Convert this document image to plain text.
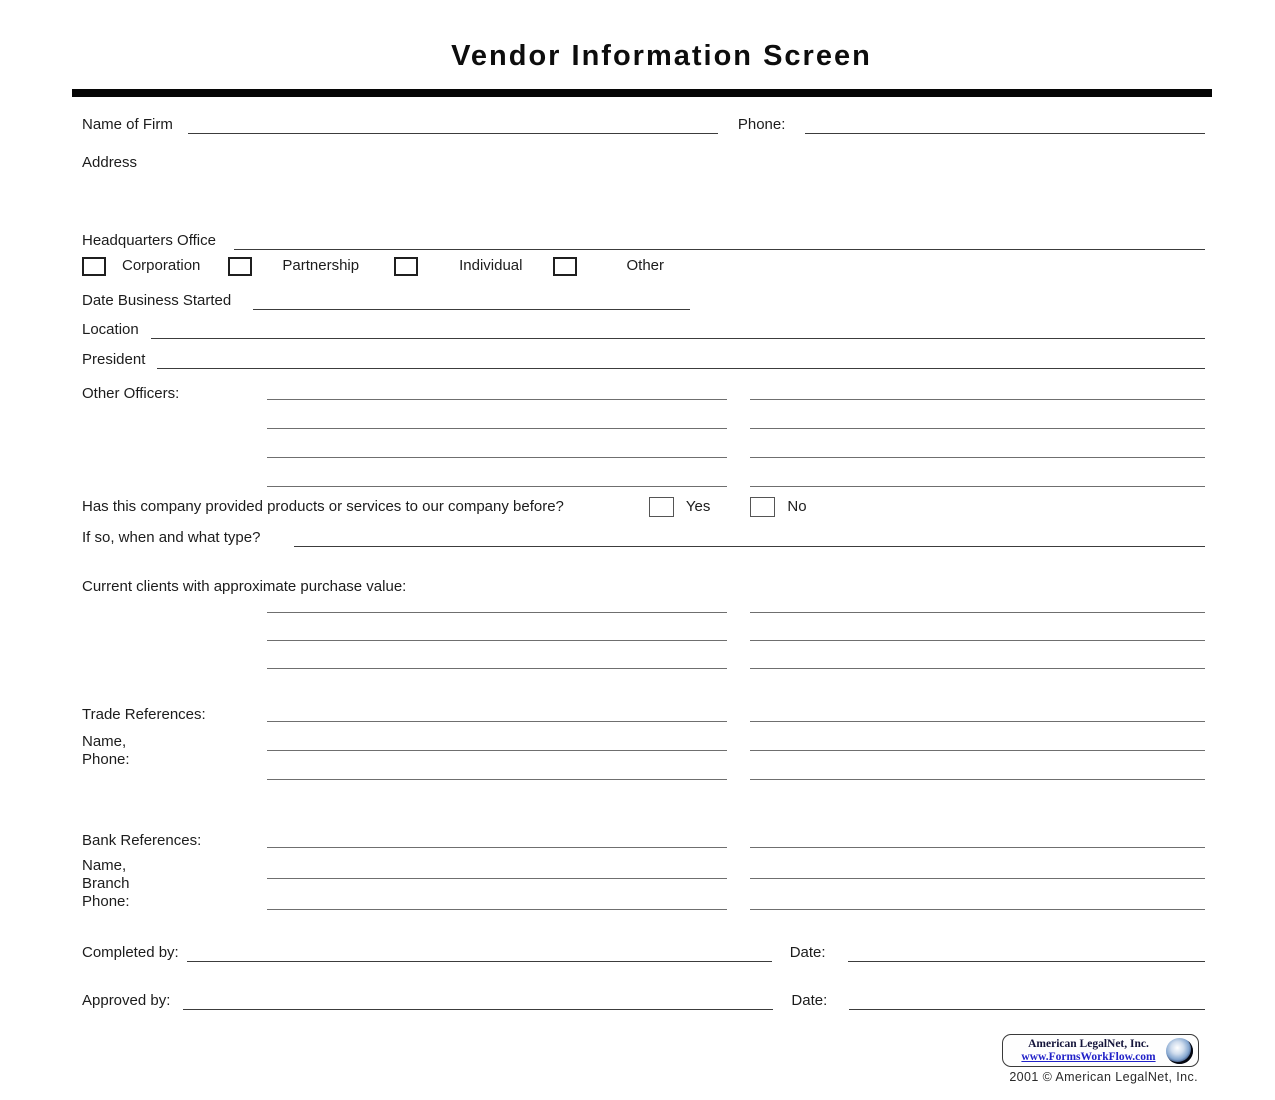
Vendor Information Screen
Name of Firm	Phone:
Address
Headquarters Office
Corporation	Partnership	Individual	Other
Date Business Started
Location
President
Other Officers:
Has this company provided products or services to our company before?	Yes	No
If so, when and what type?
Current clients with approximate purchase value:
Trade References:
Name,
Phone:
Bank References:
Name,
Branch
Phone:
Completed by:	Date:
Approved by:	Date:
American LegalNet, Inc.
www.FormsWorkFlow.com
2001 © American LegalNet, Inc.
